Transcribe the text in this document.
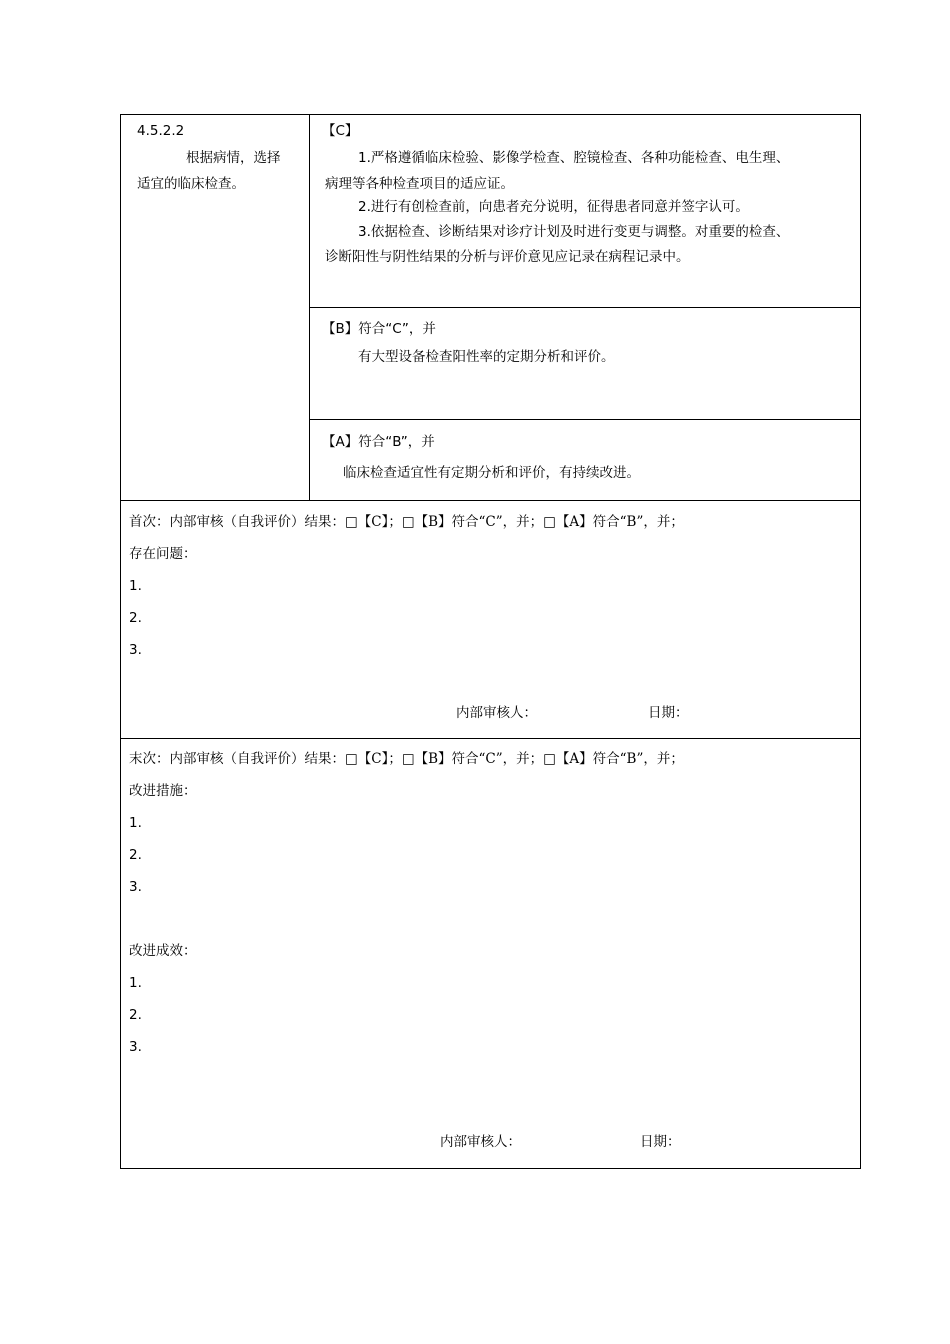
4.5.2.2
根据病情，选择
适宜的临床检查。
【C】
1.严格遵循临床检验、影像学检查、腔镜检查、各种功能检查、电生理、
病理等各种检查项目的适应证。
2.进行有创检查前，向患者充分说明，征得患者同意并签字认可。
3.依据检查、诊断结果对诊疗计划及时进行变更与调整。对重要的检查、
诊断阳性与阴性结果的分析与评价意见应记录在病程记录中。
【B】符合“C”，并
有大型设备检查阳性率的定期分析和评价。
【A】符合“B”，并
临床检查适宜性有定期分析和评价，有持续改进。
首次：内部审核（自我评价）结果：□【C】；□【B】符合“C”，并；□【A】符合“B”，并；
存在问题：
1.
2.
3.
内部审核人：	日期：
末次：内部审核（自我评价）结果：□【C】；□【B】符合“C”，并；□【A】符合“B”，并；
改进措施：
1.
2.
3.
改进成效：
1.
2.
3.
内部审核人：	日期：
